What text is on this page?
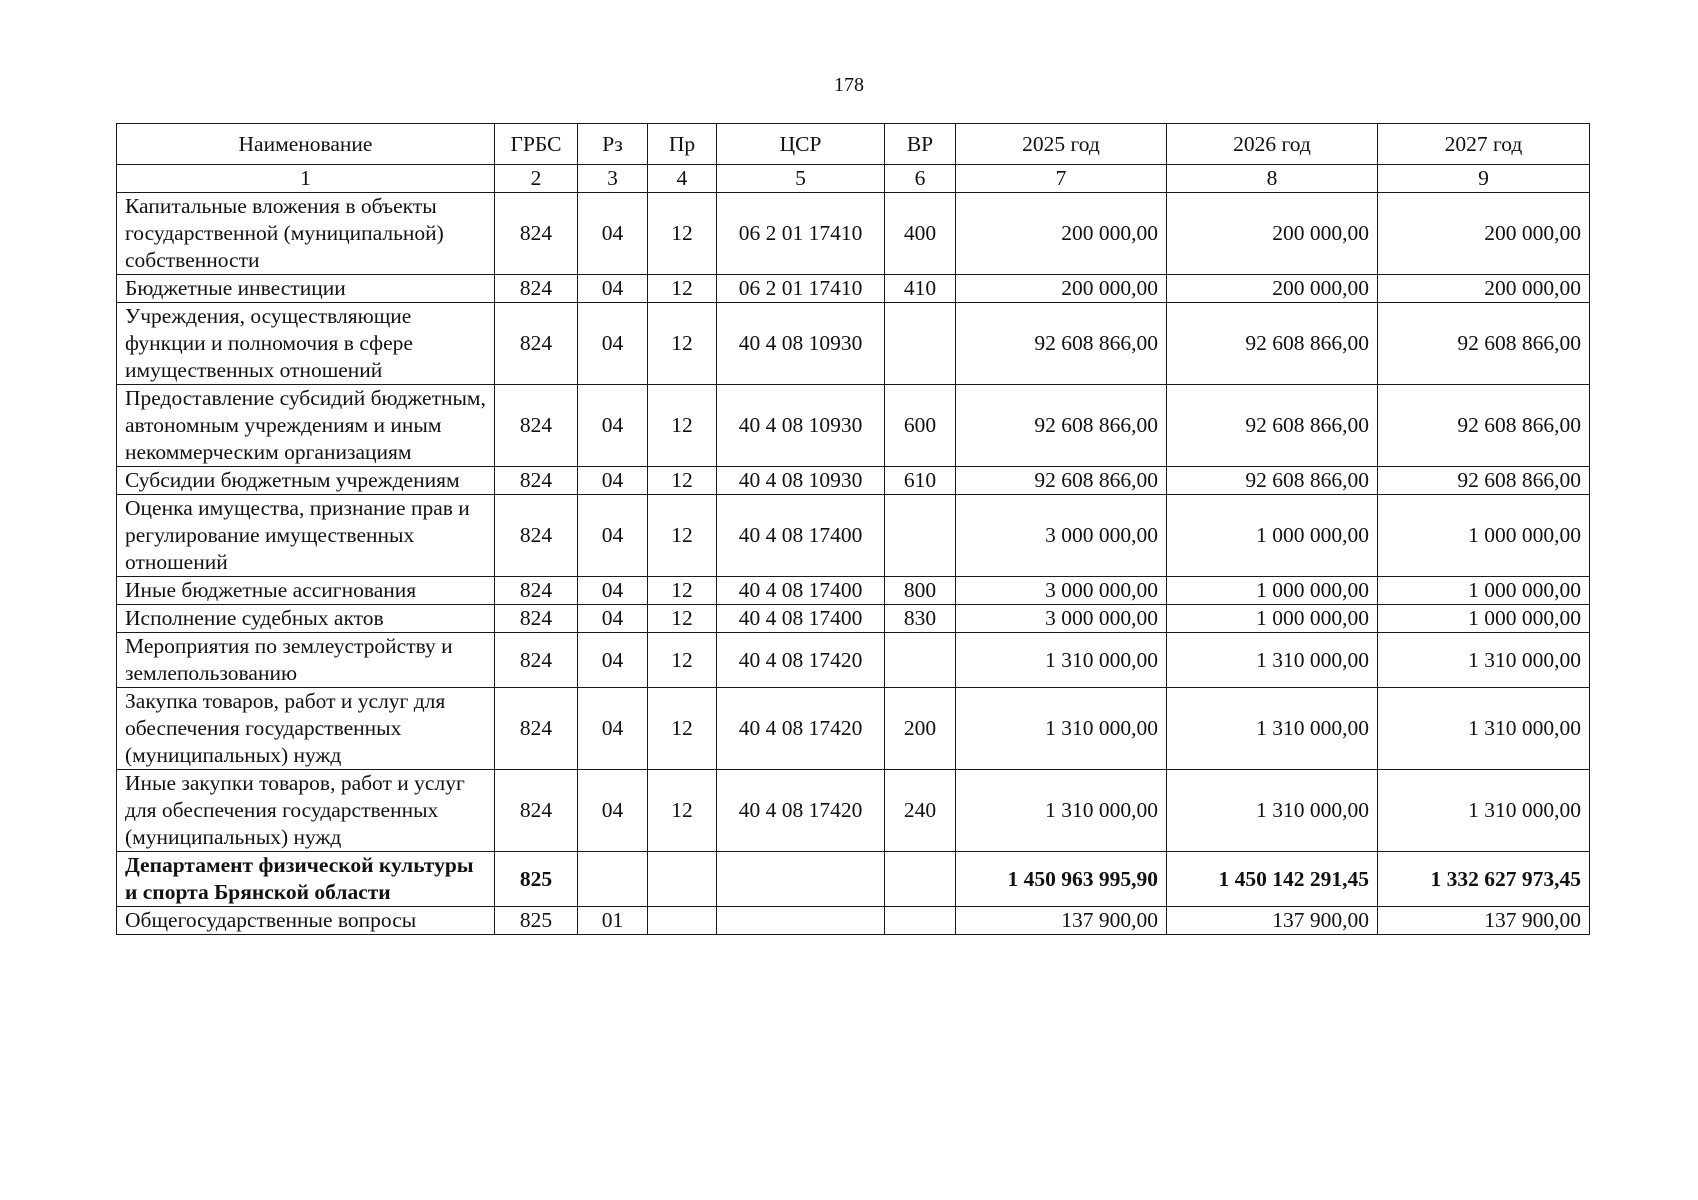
178
Наименование	ГРБС	Рз	Пр	ЦСР	ВР	2025 год	2026 год	2027 год
1	2	3	4	5	6	7	8	9
Капитальные вложения в объекты государственной (муниципальной) собственности	824	04	12	06 2 01 17410	400	200 000,00	200 000,00	200 000,00
Бюджетные инвестиции	824	04	12	06 2 01 17410	410	200 000,00	200 000,00	200 000,00
Учреждения, осуществляющие функции и полномочия в сфере имущественных отношений	824	04	12	40 4 08 10930		92 608 866,00	92 608 866,00	92 608 866,00
Предоставление субсидий бюджетным, автономным учреждениям и иным некоммерческим организациям	824	04	12	40 4 08 10930	600	92 608 866,00	92 608 866,00	92 608 866,00
Субсидии бюджетным учреждениям	824	04	12	40 4 08 10930	610	92 608 866,00	92 608 866,00	92 608 866,00
Оценка имущества, признание прав и регулирование имущественных отношений	824	04	12	40 4 08 17400		3 000 000,00	1 000 000,00	1 000 000,00
Иные бюджетные ассигнования	824	04	12	40 4 08 17400	800	3 000 000,00	1 000 000,00	1 000 000,00
Исполнение судебных актов	824	04	12	40 4 08 17400	830	3 000 000,00	1 000 000,00	1 000 000,00
Мероприятия по землеустройству и землепользованию	824	04	12	40 4 08 17420		1 310 000,00	1 310 000,00	1 310 000,00
Закупка товаров, работ и услуг для обеспечения государственных (муниципальных) нужд	824	04	12	40 4 08 17420	200	1 310 000,00	1 310 000,00	1 310 000,00
Иные закупки товаров, работ и услуг для обеспечения государственных (муниципальных) нужд	824	04	12	40 4 08 17420	240	1 310 000,00	1 310 000,00	1 310 000,00
Департамент физической культуры и спорта Брянской области	825					1 450 963 995,90	1 450 142 291,45	1 332 627 973,45
Общегосударственные вопросы	825	01				137 900,00	137 900,00	137 900,00
